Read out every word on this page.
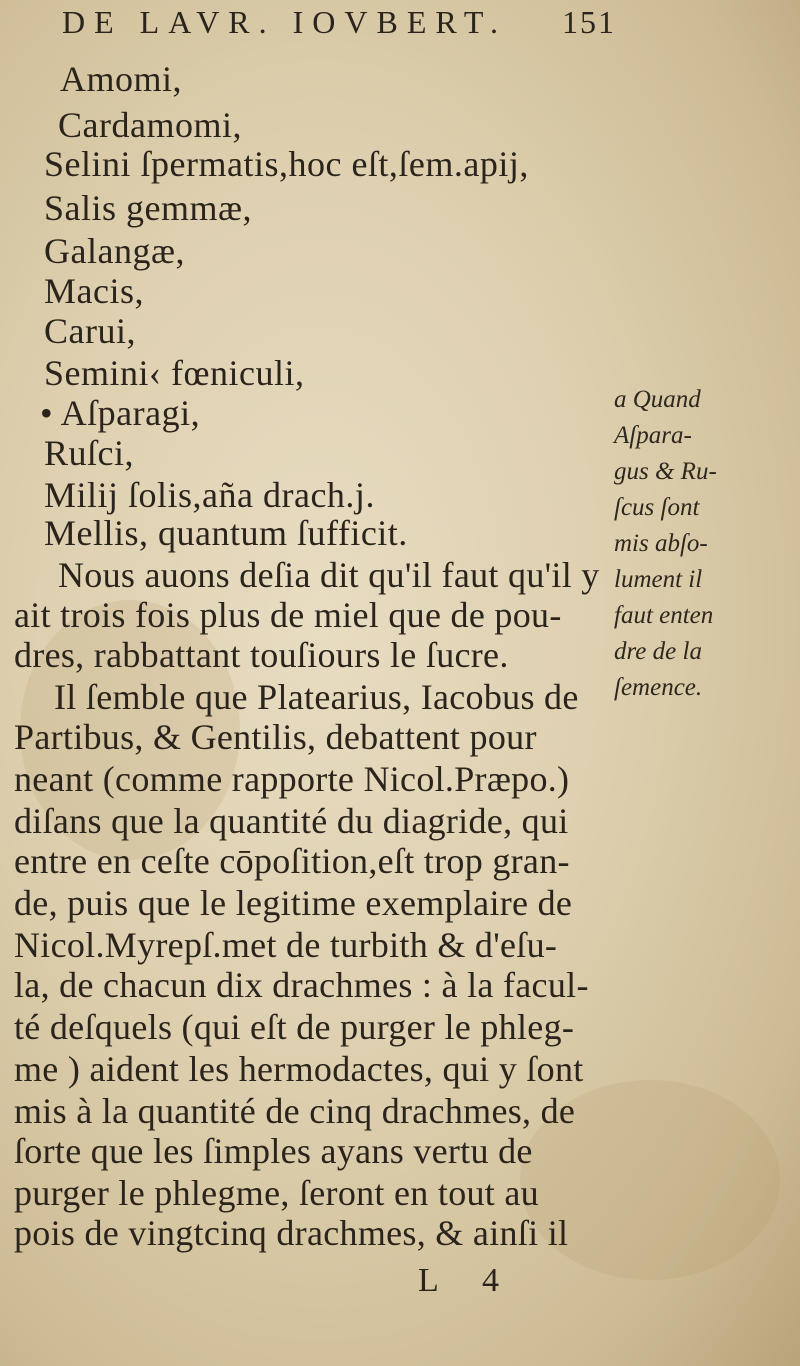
DE LAVR. IOVBERT. 151
Amomi,
Cardamomi,
Selini ſpermatis,hoc eſt,ſem.apij,
Salis gemmæ,
Galangæ,
Macis,
Carui,
Semini‹ fœniculi,
• Aſparagi,
Ruſci,
Milij ſolis,aña drach.j.
Mellis, quantum ſufficit.
Nous auons deſia dit qu'il faut qu'il y
ait trois fois plus de miel que de pou-
dres, rabbattant touſiours le ſucre.
Il ſemble que Platearius, Iacobus de
Partibus, & Gentilis, debattent pour
neant (comme rapporte Nicol.Præpo.)
diſans que la quantité du diagride, qui
entre en ceſte cōpoſition,eſt trop gran-
de, puis que le legitime exemplaire de
Nicol.Myrepſ.met de turbith & d'eſu-
la, de chacun dix drachmes : à la facul-
té deſquels (qui eſt de purger le phleg-
me ) aident les hermodactes, qui y ſont
mis à la quantité de cinq drachmes, de
ſorte que les ſimples ayans vertu de
purger le phlegme, ſeront en tout au
pois de vingtcinq drachmes, & ainſi il
a Quand
Aſpara-
gus & Ru-
ſcus ſont
mis abſo-
lument il
faut enten
dre de la
ſemence.
L 4
